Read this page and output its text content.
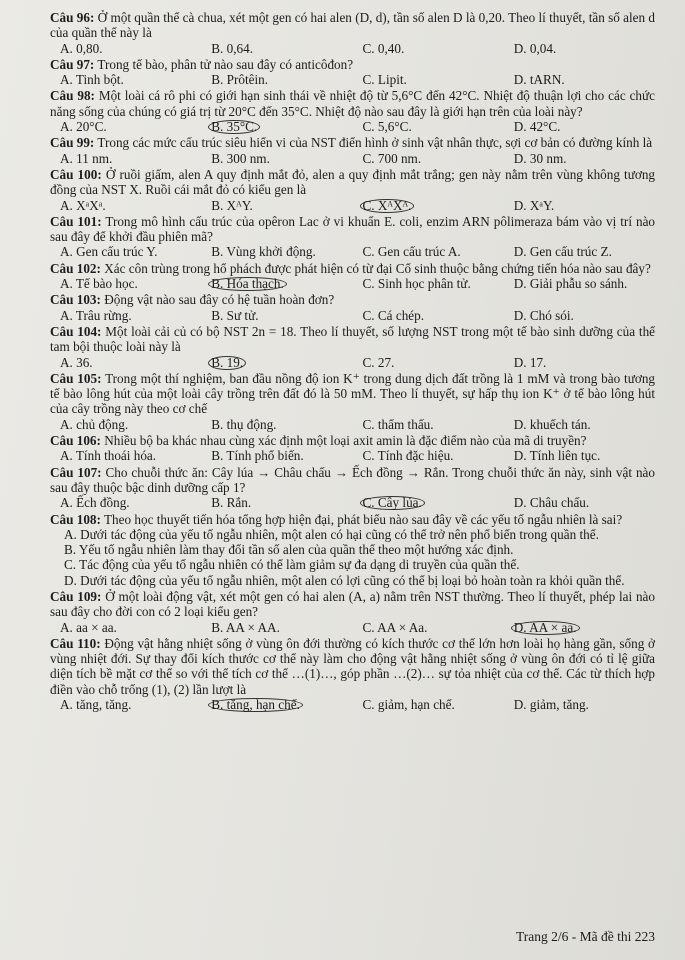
Câu 96: Ở một quần thể cà chua, xét một gen có hai alen (D, d), tần số alen D là 0,20. Theo lí thuyết, tần số alen d của quần thể này là
A. 0,80.	B. 0,64.	C. 0,40.	D. 0,04.
Câu 97: Trong tế bào, phân tử nào sau đây có anticôđon?
A. Tinh bột.	B. Prôtêin.	C. Lipit.	D. tARN.
Câu 98: Một loài cá rô phi có giới hạn sinh thái về nhiệt độ từ 5,6°C đến 42°C. Nhiệt độ thuận lợi cho các chức năng sống của chúng có giá trị từ 20°C đến 35°C. Nhiệt độ nào sau đây là giới hạn trên của loài này?
A. 20°C.	B. 35°C.	C. 5,6°C.	D. 42°C.
Câu 99: Trong các mức cấu trúc siêu hiển vi của NST điển hình ở sinh vật nhân thực, sợi cơ bản có đường kính là
A. 11 nm.	B. 300 nm.	C. 700 nm.	D. 30 nm.
Câu 100: Ở ruồi giấm, alen A quy định mắt đỏ, alen a quy định mắt trắng; gen này nằm trên vùng không tương đồng của NST X. Ruồi cái mắt đỏ có kiểu gen là
A. XᵃXᵃ.	B. XᴬY.	C. XᴬXᴬ.	D. XᵃY.
Câu 101: Trong mô hình cấu trúc của opêron Lac ở vi khuẩn E. coli, enzim ARN pôlimeraza bám vào vị trí nào sau đây để khởi đầu phiên mã?
A. Gen cấu trúc Y.	B. Vùng khởi động.	C. Gen cấu trúc A.	D. Gen cấu trúc Z.
Câu 102: Xác côn trùng trong hổ phách được phát hiện có từ đại Cổ sinh thuộc bằng chứng tiến hóa nào sau đây?
A. Tế bào học.	B. Hóa thạch.	C. Sinh học phân tử.	D. Giải phẫu so sánh.
Câu 103: Động vật nào sau đây có hệ tuần hoàn đơn?
A. Trâu rừng.	B. Sư tử.	C. Cá chép.	D. Chó sói.
Câu 104: Một loài cải củ có bộ NST 2n = 18. Theo lí thuyết, số lượng NST trong một tế bào sinh dưỡng của thể tam bội thuộc loài này là
A. 36.	B. 19.	C. 27.	D. 17.
Câu 105: Trong một thí nghiệm, ban đầu nồng độ ion K⁺ trong dung dịch đất trồng là 1 mM và trong bào tương tế bào lông hút của một loài cây trồng trên đất đó là 50 mM. Theo lí thuyết, sự hấp thụ ion K⁺ ở tế bào lông hút của cây trồng này theo cơ chế
A. chủ động.	B. thụ động.	C. thẩm thấu.	D. khuếch tán.
Câu 106: Nhiều bộ ba khác nhau cùng xác định một loại axit amin là đặc điểm nào của mã di truyền?
A. Tính thoái hóa.	B. Tính phổ biến.	C. Tính đặc hiệu.	D. Tính liên tục.
Câu 107: Cho chuỗi thức ăn: Cây lúa → Châu chấu → Ếch đồng → Rắn. Trong chuỗi thức ăn này, sinh vật nào sau đây thuộc bậc dinh dưỡng cấp 1?
A. Ếch đồng.	B. Rắn.	C. Cây lúa.	D. Châu chấu.
Câu 108: Theo học thuyết tiến hóa tổng hợp hiện đại, phát biểu nào sau đây về các yếu tố ngẫu nhiên là sai?
A. Dưới tác động của yếu tố ngẫu nhiên, một alen có hại cũng có thể trở nên phổ biến trong quần thể.
B. Yếu tố ngẫu nhiên làm thay đổi tần số alen của quần thể theo một hướng xác định.
C. Tác động của yếu tố ngẫu nhiên có thể làm giảm sự đa dạng di truyền của quần thể.
D. Dưới tác động của yếu tố ngẫu nhiên, một alen có lợi cũng có thể bị loại bỏ hoàn toàn ra khỏi quần thể.
Câu 109: Ở một loài động vật, xét một gen có hai alen (A, a) nằm trên NST thường. Theo lí thuyết, phép lai nào sau đây cho đời con có 2 loại kiểu gen?
A. aa × aa.	B. AA × AA.	C. AA × Aa.	D. AA × aa.
Câu 110: Động vật hằng nhiệt sống ở vùng ôn đới thường có kích thước cơ thể lớn hơn loài họ hàng gần, sống ở vùng nhiệt đới. Sự thay đổi kích thước cơ thể này làm cho động vật hằng nhiệt sống ở vùng ôn đới có tỉ lệ giữa diện tích bề mặt cơ thể so với thể tích cơ thể …(1)…, góp phần …(2)… sự tỏa nhiệt của cơ thể. Các từ thích hợp điền vào chỗ trống (1), (2) lần lượt là
A. tăng, tăng.	B. tăng, hạn chế.	C. giảm, hạn chế.	D. giảm, tăng.
Trang 2/6 - Mã đề thi 223
